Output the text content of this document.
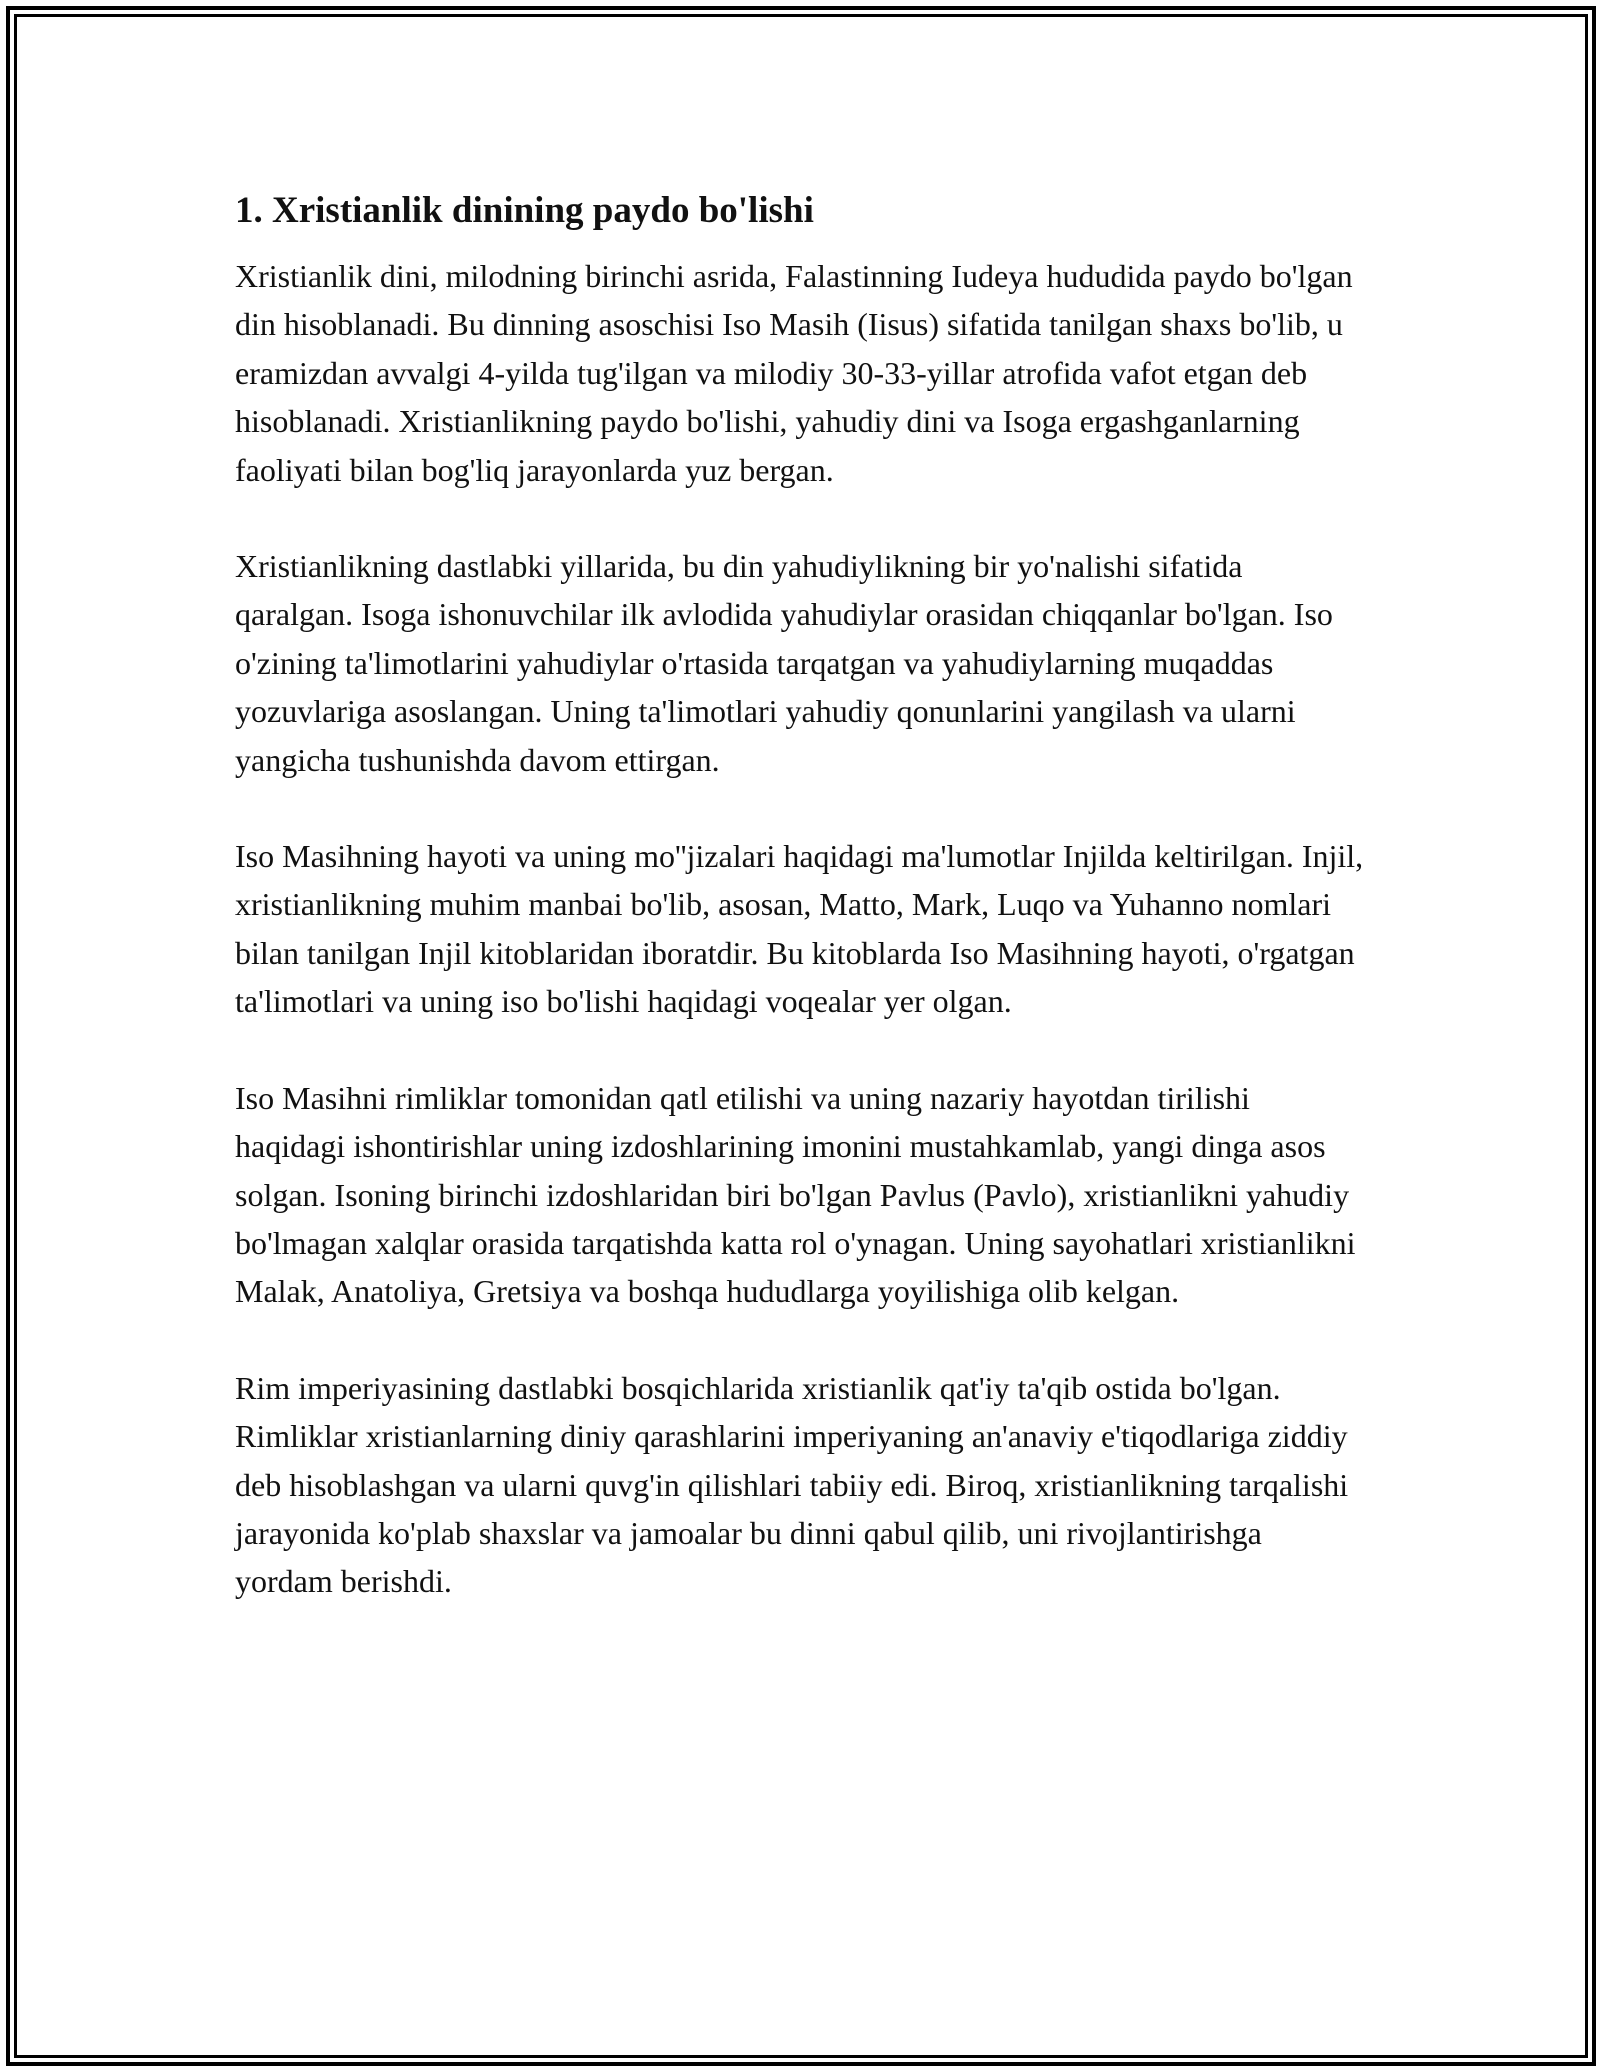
1. Xristianlik dinining paydo bo'lishi

Xristianlik dini, milodning birinchi asrida, Falastinning Iudeya hududida paydo bo'lgan din hisoblanadi. Bu dinning asoschisi Iso Masih (Iisus) sifatida tanilgan shaxs bo'lib, u eramizdan avvalgi 4-yilda tug'ilgan va milodiy 30-33-yillar atrofida vafot etgan deb hisoblanadi. Xristianlikning paydo bo'lishi, yahudiy dini va Isoga ergashganlarning faoliyati bilan bog'liq jarayonlarda yuz bergan.

Xristianlikning dastlabki yillarida, bu din yahudiylikning bir yo'nalishi sifatida qaralgan. Isoga ishonuvchilar ilk avlodida yahudiylar orasidan chiqqanlar bo'lgan. Iso o'zining ta'limotlarini yahudiylar o'rtasida tarqatgan va yahudiylarning muqaddas yozuvlariga asoslangan. Uning ta'limotlari yahudiy qonunlarini yangilash va ularni yangicha tushunishda davom ettirgan.

Iso Masihning hayoti va uning mo''jizalari haqidagi ma'lumotlar Injilda keltirilgan. Injil, xristianlikning muhim manbai bo'lib, asosan, Matto, Mark, Luqo va Yuhanno nomlari bilan tanilgan Injil kitoblaridan iboratdir. Bu kitoblarda Iso Masihning hayoti, o'rgatgan ta'limotlari va uning iso bo'lishi haqidagi voqealar yer olgan.

Iso Masihni rimliklar tomonidan qatl etilishi va uning nazariy hayotdan tirilishi haqidagi ishontirishlar uning izdoshlarining imonini mustahkamlab, yangi dinga asos solgan. Isoning birinchi izdoshlaridan biri bo'lgan Pavlus (Pavlo), xristianlikni yahudiy bo'lmagan xalqlar orasida tarqatishda katta rol o'ynagan. Uning sayohatlari xristianlikni Malak, Anatoliya, Gretsiya va boshqa hududlarga yoyilishiga olib kelgan.

Rim imperiyasining dastlabki bosqichlarida xristianlik qat'iy ta'qib ostida bo'lgan. Rimliklar xristianlarning diniy qarashlarini imperiyaning an'anaviy e'tiqodlariga ziddiy deb hisoblashgan va ularni quvg'in qilishlari tabiiy edi. Biroq, xristianlikning tarqalishi jarayonida ko'plab shaxslar va jamoalar bu dinni qabul qilib, uni rivojlantirishga yordam berishdi.
